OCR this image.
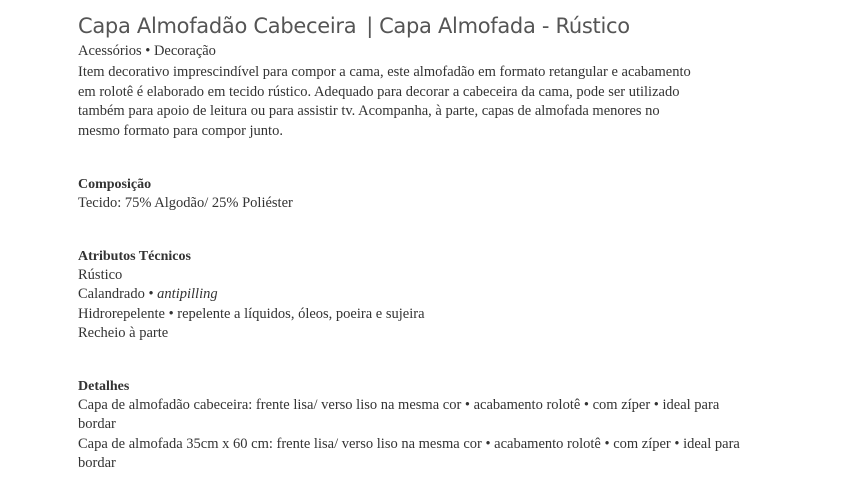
Capa Almofadão Cabeceira | Capa Almofada - Rústico
Acessórios • Decoração

Item decorativo imprescindível para compor a cama, este almofadão em formato retangular e acabamento em rolotê é elaborado em tecido rústico. Adequado para decorar a cabeceira da cama, pode ser utilizado também para apoio de leitura ou para assistir tv. Acompanha, à parte, capas de almofada menores no mesmo formato para compor junto.

Composição
Tecido: 75% Algodão/ 25% Poliéster
Atributos Técnicos
Rústico
Calandrado • antipilling
Hidrorepelente • repelente a líquidos, óleos, poeira e sujeira
Recheio à parte
Detalhes
Capa de almofadão cabeceira: frente lisa/ verso liso na mesma cor • acabamento rolotê • com zíper • ideal para bordar
Capa de almofada 35cm x 60 cm: frente lisa/ verso liso na mesma cor • acabamento rolotê • com zíper • ideal para bordar
